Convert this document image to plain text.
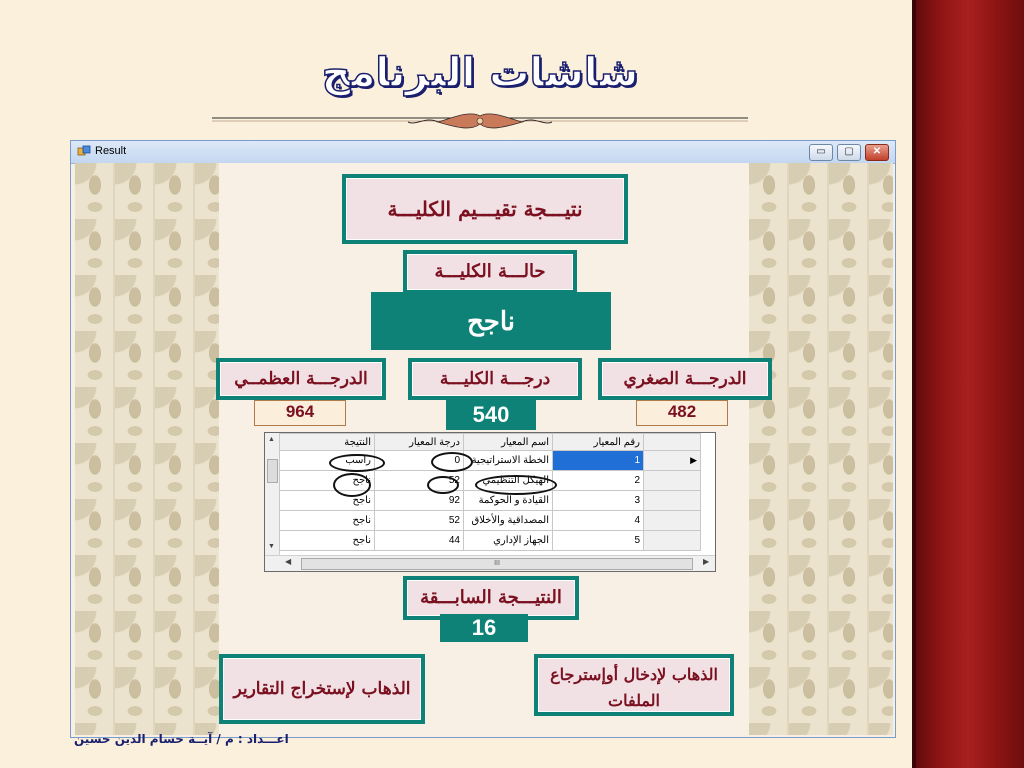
شاشات البرنامج
Result	▭	▢	✕
نتيـــجة تقيـــيم الكليـــة
حالـــة الكليـــة
ناجح
الدرجـــة العظمــي	درجـــة الكليـــة	الدرجـــة الصغري
964	540	482
▲
▼
النتيجة	درجة المعيار	اسم المعيار	رقم المعيار	
راسب	0	الخطة الاستراتيجية	1	▶
ناجح	52	الهيكل التنظيمي	2	
ناجح	92	القيادة و الحوكمة	3	
ناجح	52	المصداقية والأخلاق	4	
ناجح	44	الجهاز الإداري	5	
◀	III	▶
النتيـــجة السابـــقة
16
الذهاب لإستخراج التقارير
الذهاب لإدخال أوإسترجاع الملفات
اعـــداد : م / آيــة حسام الدين حسين
